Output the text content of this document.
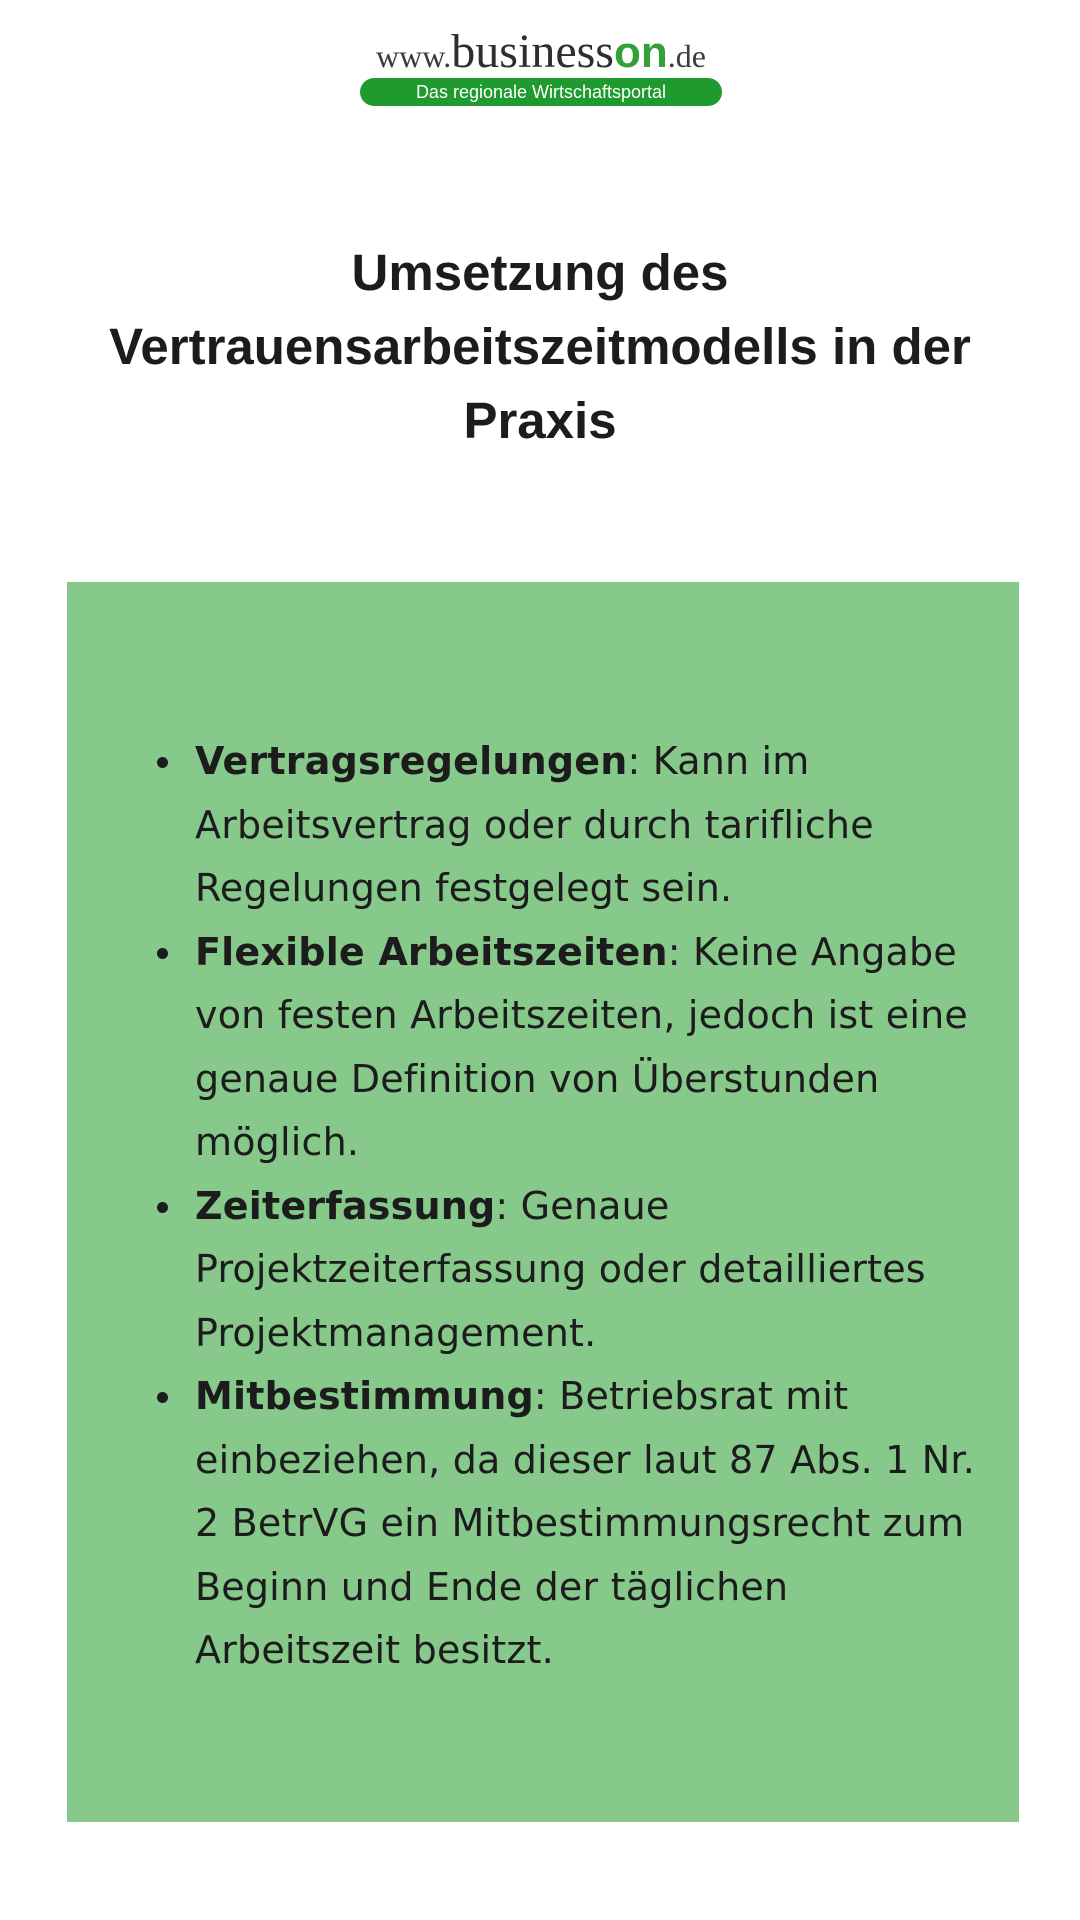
www.businesson.de
Das regionale Wirtschaftsportal
Umsetzung des Vertrauensarbeitszeitmodells in der Praxis
Vertragsregelungen: Kann im Arbeitsvertrag oder durch tarifliche Regelungen festgelegt sein.
Flexible Arbeitszeiten: Keine Angabe von festen Arbeitszeiten, jedoch ist eine genaue Definition von Überstunden möglich.
Zeiterfassung: Genaue Projektzeiterfassung oder detailliertes Projektmanagement.
Mitbestimmung: Betriebsrat mit einbeziehen, da dieser laut 87 Abs. 1 Nr. 2 BetrVG ein Mitbestimmungsrecht zum Beginn und Ende der täglichen Arbeitszeit besitzt.
